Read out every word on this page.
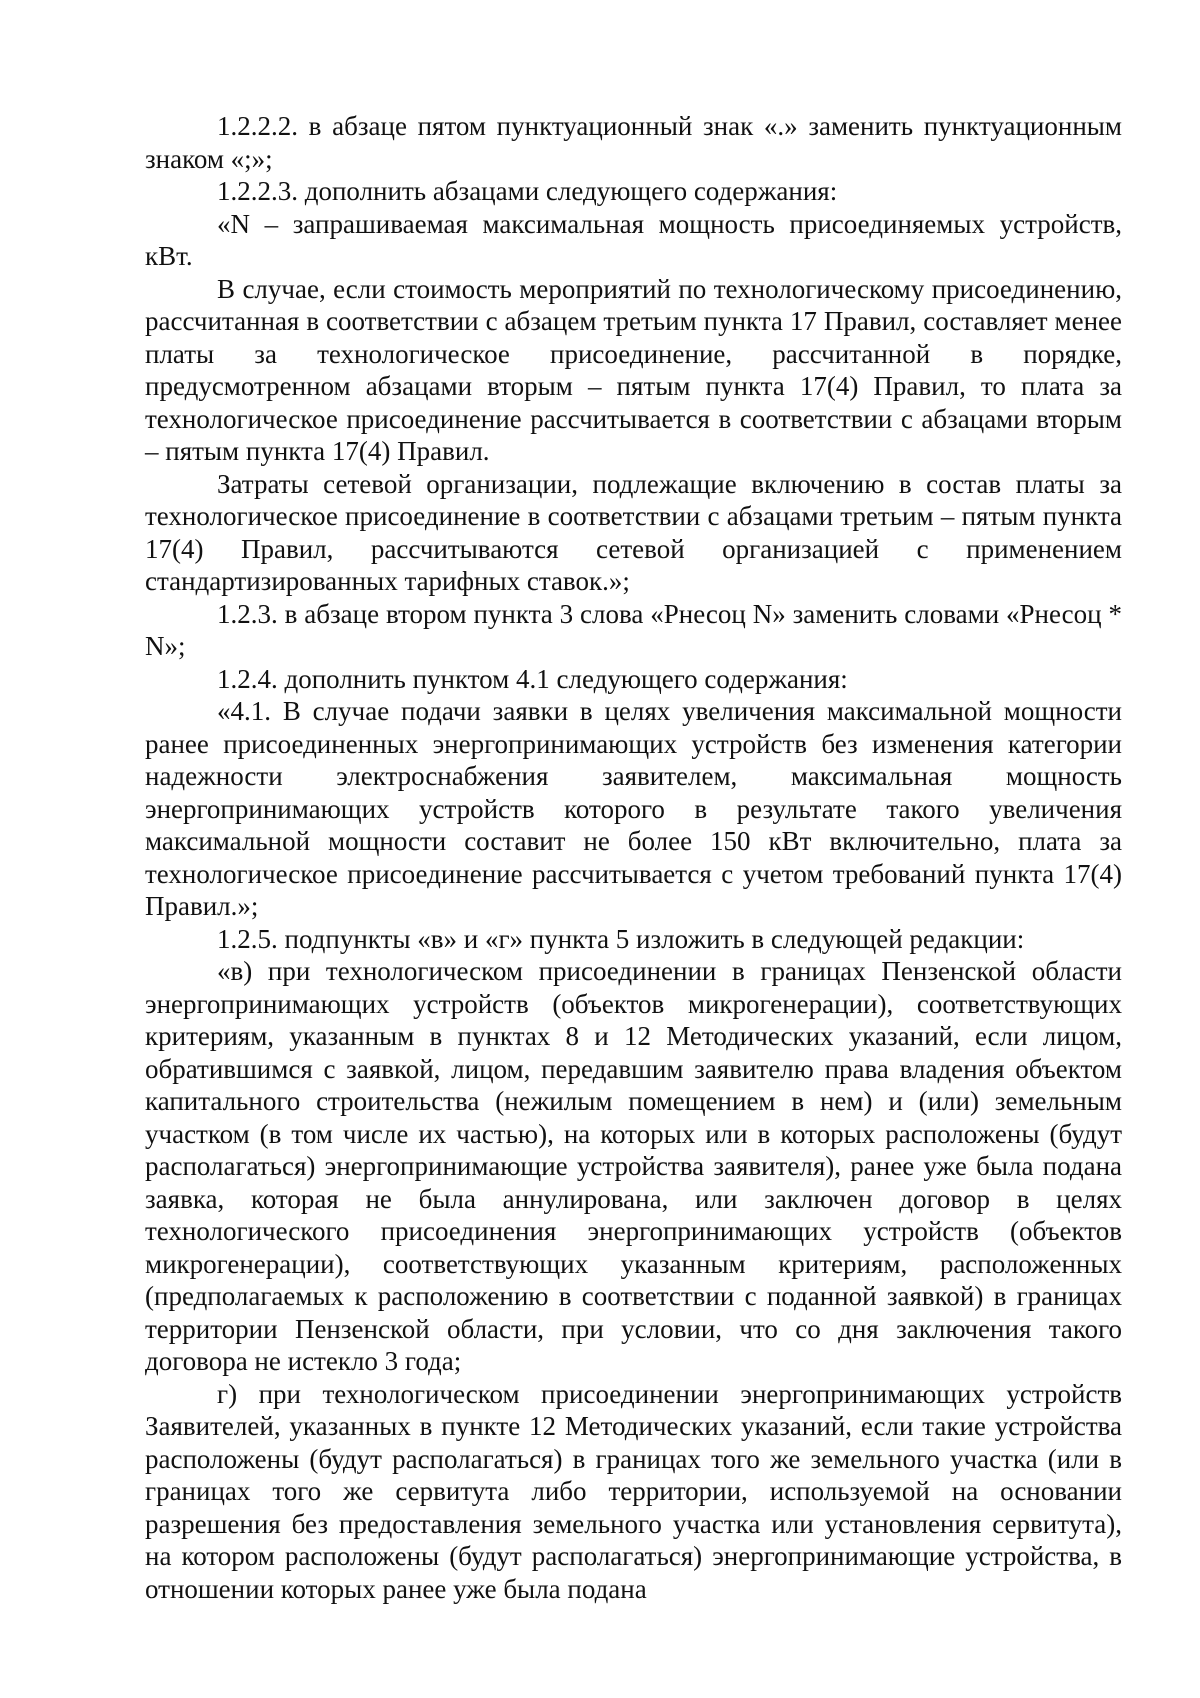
1.2.2.2. в абзаце пятом пунктуационный знак «.» заменить пунктуационным знаком «;»;

1.2.2.3. дополнить абзацами следующего содержания:

«N – запрашиваемая максимальная мощность присоединяемых устройств, кВт.

В случае, если стоимость мероприятий по технологическому присоединению, рассчитанная в соответствии с абзацем третьим пункта 17 Правил, составляет менее платы за технологическое присоединение, рассчитанной в порядке, предусмотренном абзацами вторым – пятым пункта 17(4) Правил, то плата за технологическое присоединение рассчитывается в соответствии с абзацами вторым – пятым пункта 17(4) Правил.

Затраты сетевой организации, подлежащие включению в состав платы за технологическое присоединение в соответствии с абзацами третьим – пятым пункта 17(4) Правил, рассчитываются сетевой организацией с применением стандартизированных тарифных ставок.»;

1.2.3. в абзаце втором пункта 3 слова «Рнесоц N» заменить словами «Рнесоц * N»;

1.2.4. дополнить пунктом 4.1 следующего содержания:

«4.1. В случае подачи заявки в целях увеличения максимальной мощности ранее присоединенных энергопринимающих устройств без изменения категории надежности электроснабжения заявителем, максимальная мощность энергопринимающих устройств которого в результате такого увеличения максимальной мощности составит не более 150 кВт включительно, плата за технологическое присоединение рассчитывается с учетом требований пункта 17(4) Правил.»;

1.2.5. подпункты «в» и «г» пункта 5 изложить в следующей редакции:

«в) при технологическом присоединении в границах Пензенской области энергопринимающих устройств (объектов микрогенерации), соответствующих критериям, указанным в пунктах 8 и 12 Методических указаний, если лицом, обратившимся с заявкой, лицом, передавшим заявителю права владения объектом капитального строительства (нежилым помещением в нем) и (или) земельным участком (в том числе их частью), на которых или в которых расположены (будут располагаться) энергопринимающие устройства заявителя), ранее уже была подана заявка, которая не была аннулирована, или заключен договор в целях технологического присоединения энергопринимающих устройств (объектов микрогенерации), соответствующих указанным критериям, расположенных (предполагаемых к расположению в соответствии с поданной заявкой) в границах территории Пензенской области, при условии, что со дня заключения такого договора не истекло 3 года;

г) при технологическом присоединении энергопринимающих устройств Заявителей, указанных в пункте 12 Методических указаний, если такие устройства расположены (будут располагаться) в границах того же земельного участка (или в границах того же сервитута либо территории, используемой на основании разрешения без предоставления земельного участка или установления сервитута), на котором расположены (будут располагаться) энергопринимающие устройства, в отношении которых ранее уже была подана
